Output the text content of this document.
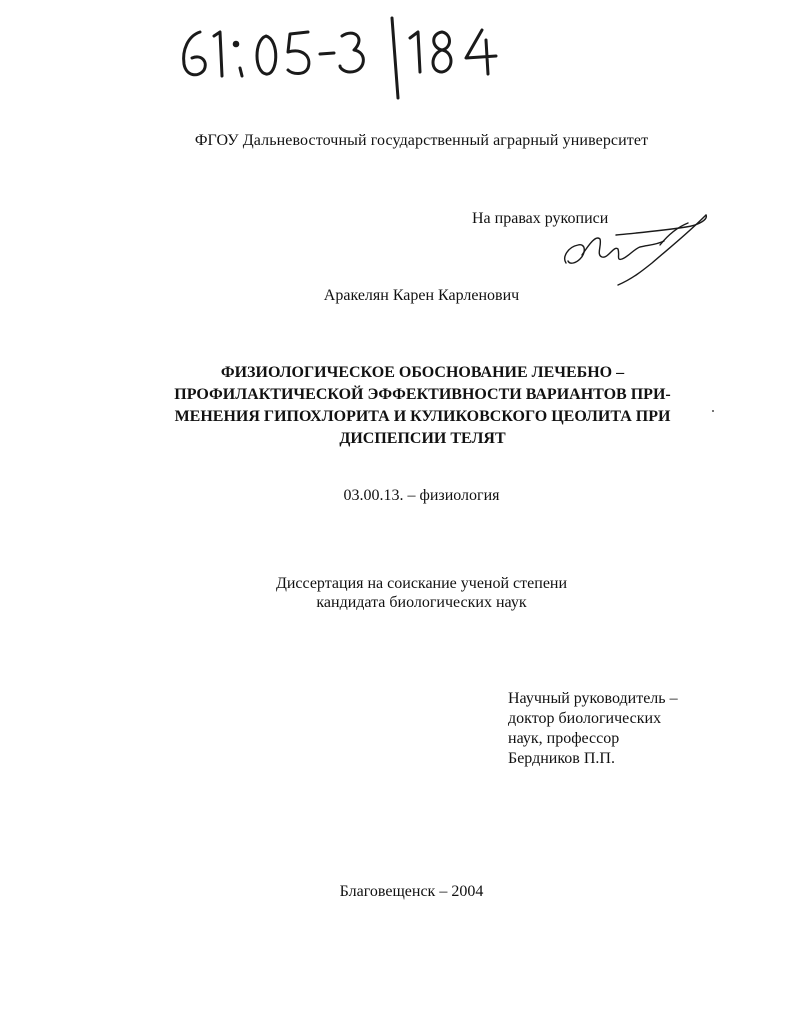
ФГОУ Дальневосточный государственный аграрный университет
На правах рукописи
Аракелян Карен Карленович
ФИЗИОЛОГИЧЕСКОЕ ОБОСНОВАНИЕ ЛЕЧЕБНО –
ПРОФИЛАКТИЧЕСКОЙ ЭФФЕКТИВНОСТИ ВАРИАНТОВ ПРИ-
МЕНЕНИЯ ГИПОХЛОРИТА И КУЛИКОВСКОГО ЦЕОЛИТА ПРИ
ДИСПЕПСИИ ТЕЛЯТ
03.00.13. – физиология
Диссертация на соискание ученой степени
кандидата биологических наук
Научный руководитель –
доктор биологических
наук, профессор
Бердников П.П.
Благовещенск – 2004
